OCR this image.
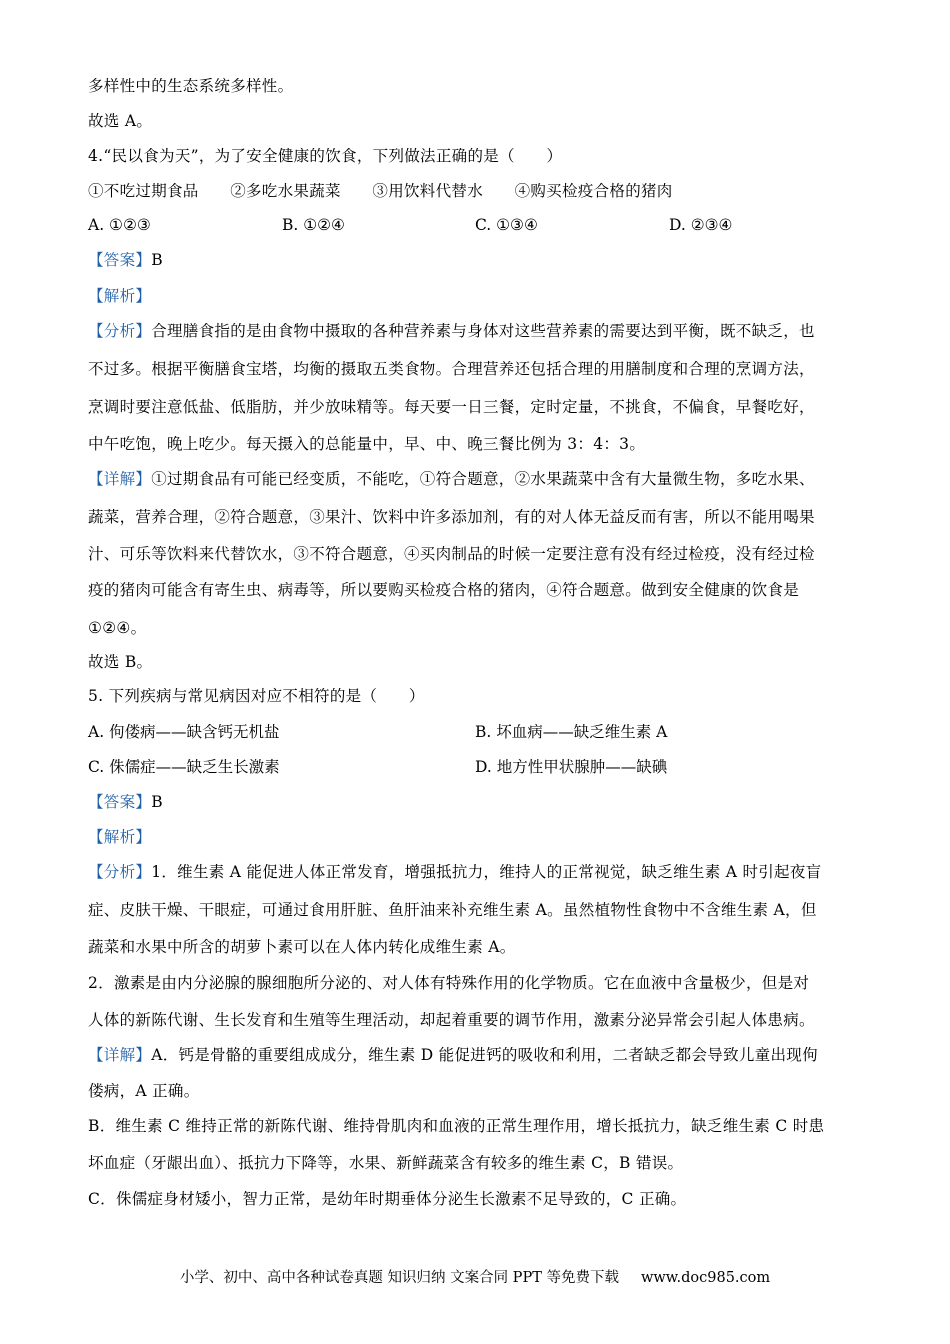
多样性中的生态系统多样性。
故选 A。
4.“民以食为天”，为了安全健康的饮食，下列做法正确的是（　　）
①不吃过期食品　　②多吃水果蔬菜　　③用饮料代替水　　④购买检疫合格的猪肉
A. ①②③	B. ①②④	C. ①③④	D. ②③④
【答案】B
【解析】
【分析】合理膳食指的是由食物中摄取的各种营养素与身体对这些营养素的需要达到平衡，既不缺乏，也
不过多。根据平衡膳食宝塔，均衡的摄取五类食物。合理营养还包括合理的用膳制度和合理的烹调方法，
烹调时要注意低盐、低脂肪，并少放味精等。每天要一日三餐，定时定量，不挑食，不偏食，早餐吃好，
中午吃饱，晚上吃少。每天摄入的总能量中，早、中、晚三餐比例为 3：4：3。
【详解】①过期食品有可能已经变质，不能吃，①符合题意，②水果蔬菜中含有大量微生物，多吃水果、
蔬菜，营养合理，②符合题意，③果汁、饮料中许多添加剂，有的对人体无益反而有害，所以不能用喝果
汁、可乐等饮料来代替饮水，③不符合题意，④买肉制品的时候一定要注意有没有经过检疫，没有经过检
疫的猪肉可能含有寄生虫、病毒等，所以要购买检疫合格的猪肉，④符合题意。做到安全健康的饮食是
①②④。
故选 B。
5. 下列疾病与常见病因对应不相符的是（　　）
A. 佝偻病——缺含钙无机盐	B. 坏血病——缺乏维生素 A
C. 侏儒症——缺乏生长激素	D. 地方性甲状腺肿——缺碘
【答案】B
【解析】
【分析】1．维生素 A 能促进人体正常发育，增强抵抗力，维持人的正常视觉，缺乏维生素 A 时引起夜盲
症、皮肤干燥、干眼症，可通过食用肝脏、鱼肝油来补充维生素 A。虽然植物性食物中不含维生素 A，但
蔬菜和水果中所含的胡萝卜素可以在人体内转化成维生素 A。
2．激素是由内分泌腺的腺细胞所分泌的、对人体有特殊作用的化学物质。它在血液中含量极少，但是对
人体的新陈代谢、生长发育和生殖等生理活动，却起着重要的调节作用，激素分泌异常会引起人体患病。
【详解】A．钙是骨骼的重要组成成分，维生素 D 能促进钙的吸收和利用，二者缺乏都会导致儿童出现佝
偻病，A 正确。
B．维生素 C 维持正常的新陈代谢、维持骨肌肉和血液的正常生理作用，增长抵抗力，缺乏维生素 C 时患
坏血症（牙龈出血）、抵抗力下降等，水果、新鲜蔬菜含有较多的维生素 C，B 错误。
C．侏儒症身材矮小，智力正常，是幼年时期垂体分泌生长激素不足导致的，C 正确。
小学、初中、高中各种试卷真题 知识归纳 文案合同 PPT 等免费下载 www.doc985.com
